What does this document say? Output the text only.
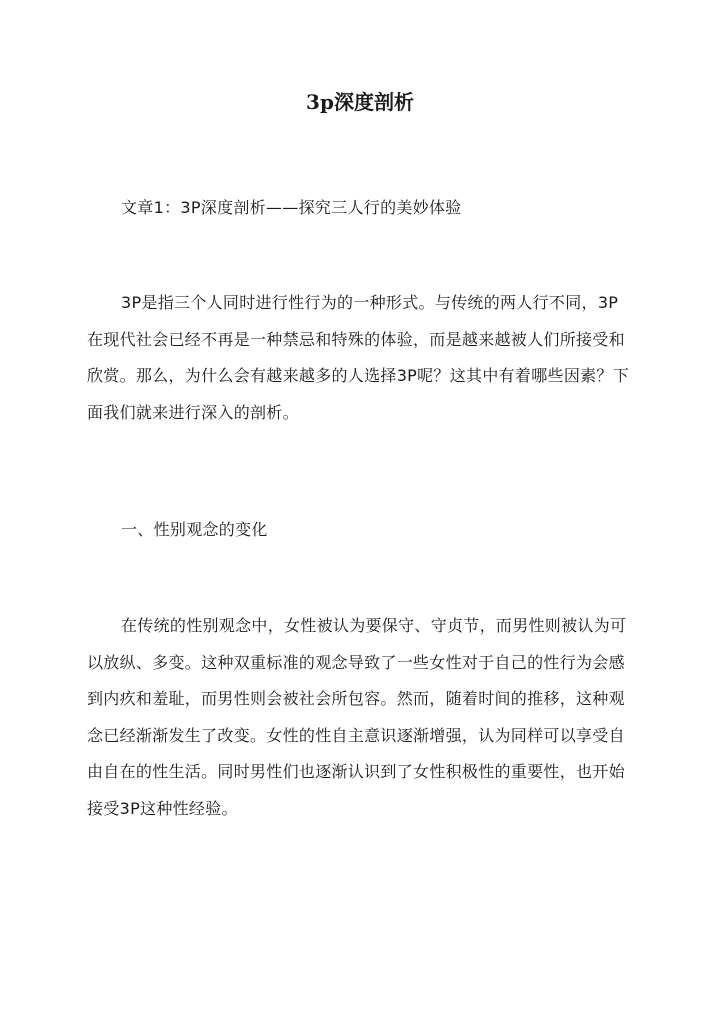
3p深度剖析

文章1：3P深度剖析——探究三人行的美妙体验

3P是指三个人同时进行性行为的一种形式。与传统的两人行不同，3P在现代社会已经不再是一种禁忌和特殊的体验，而是越来越被人们所接受和欣赏。那么，为什么会有越来越多的人选择3P呢？这其中有着哪些因素？下面我们就来进行深入的剖析。

一、性别观念的变化

在传统的性别观念中，女性被认为要保守、守贞节，而男性则被认为可以放纵、多变。这种双重标准的观念导致了一些女性对于自己的性行为会感到内疚和羞耻，而男性则会被社会所包容。然而，随着时间的推移，这种观念已经渐渐发生了改变。女性的性自主意识逐渐增强，认为同样可以享受自由自在的性生活。同时男性们也逐渐认识到了女性积极性的重要性，也开始接受3P这种性经验。
